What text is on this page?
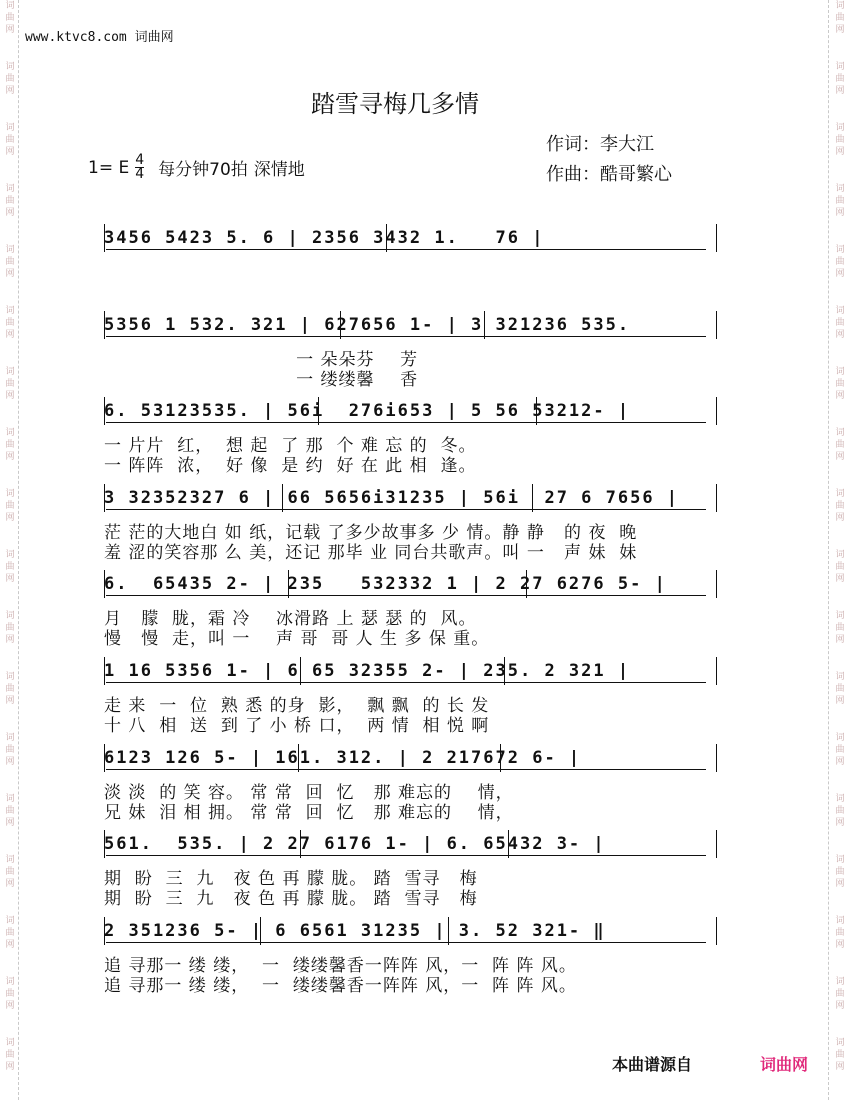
词
曲
网
词
曲
网
词
曲
网
词
曲
网
词
曲
网
词
曲
网
词
曲
网
词
曲
网
词
曲
网
词
曲
网
词
曲
网
词
曲
网
词
曲
网
词
曲
网
词
曲
网
词
曲
网
词
曲
网
词
曲
网
词
曲
网
词
曲
网
词
曲
网
词
曲
网
词
曲
网
词
曲
网
词
曲
网
词
曲
网
词
曲
网
词
曲
网
词
曲
网
词
曲
网
词
曲
网
词
曲
网
词
曲
网
词
曲
网
词
曲
网
词
曲
网
www.ktvc8.com 词曲网
踏雪寻梅几多情
作词：李大江
作曲：酷哥繁心
1= E $\frac{4}{4}$ 每分钟70拍 深情地
3456 5423 5. 6 | 2356 3432 1.   76 |
5356 1 532. 321 | 627656 1- | 3 321236 535.
一 朵朵芬    芳
一 缕缕馨    香
6. 53123535. | 56i  276i653 | 5 56 53212- |
一 片片  红，  想 起  了 那  个 难 忘 的  冬。
一 阵阵  浓，  好 像  是 约  好 在 此 相  逢。
3 32352327 6 | 66 5656i31235 | 56i  27 6 7656 |
茫 茫的大地白 如 纸，记载 了多少故事多 少 情。静 静   的 夜  晚
羞 涩的笑容那 么 美，还记 那毕 业 同台共歌声。叫 一   声 妹  妹
6.  65435 2- | 235   532332 1 | 2 27 6276 5- |
月   朦  胧，霜 冷    冰滑路 上 瑟 瑟 的  风。
慢   慢  走，叫 一    声 哥  哥 人 生 多 保 重。
1 16 5356 1- | 6 65 32355 2- | 235. 2 321 |
走 来  一  位  熟 悉 的身  影，  飘 飘  的 长 发
十 八  相  送  到 了 小 桥 口，  两 情  相 悦 啊
6123 126 5- | 161. 312. | 2 217672 6- |
淡 淡  的 笑 容。 常 常  回  忆   那 难忘的    情，
兄 妹  泪 相 拥。 常 常  回  忆   那 难忘的    情，
561.  535. | 2 27 6176 1- | 6. 65432 3- |
期  盼  三  九   夜 色 再 朦 胧。 踏  雪寻   梅
期  盼  三  九   夜 色 再 朦 胧。 踏  雪寻   梅
2 351236 5- | 6 6561 31235 | 3. 52 321- ‖
追 寻那一 缕 缕，  一  缕缕馨香一阵阵 风，一  阵 阵 风。
追 寻那一 缕 缕，  一  缕缕馨香一阵阵 风，一  阵 阵 风。
本曲谱源自	词曲网
